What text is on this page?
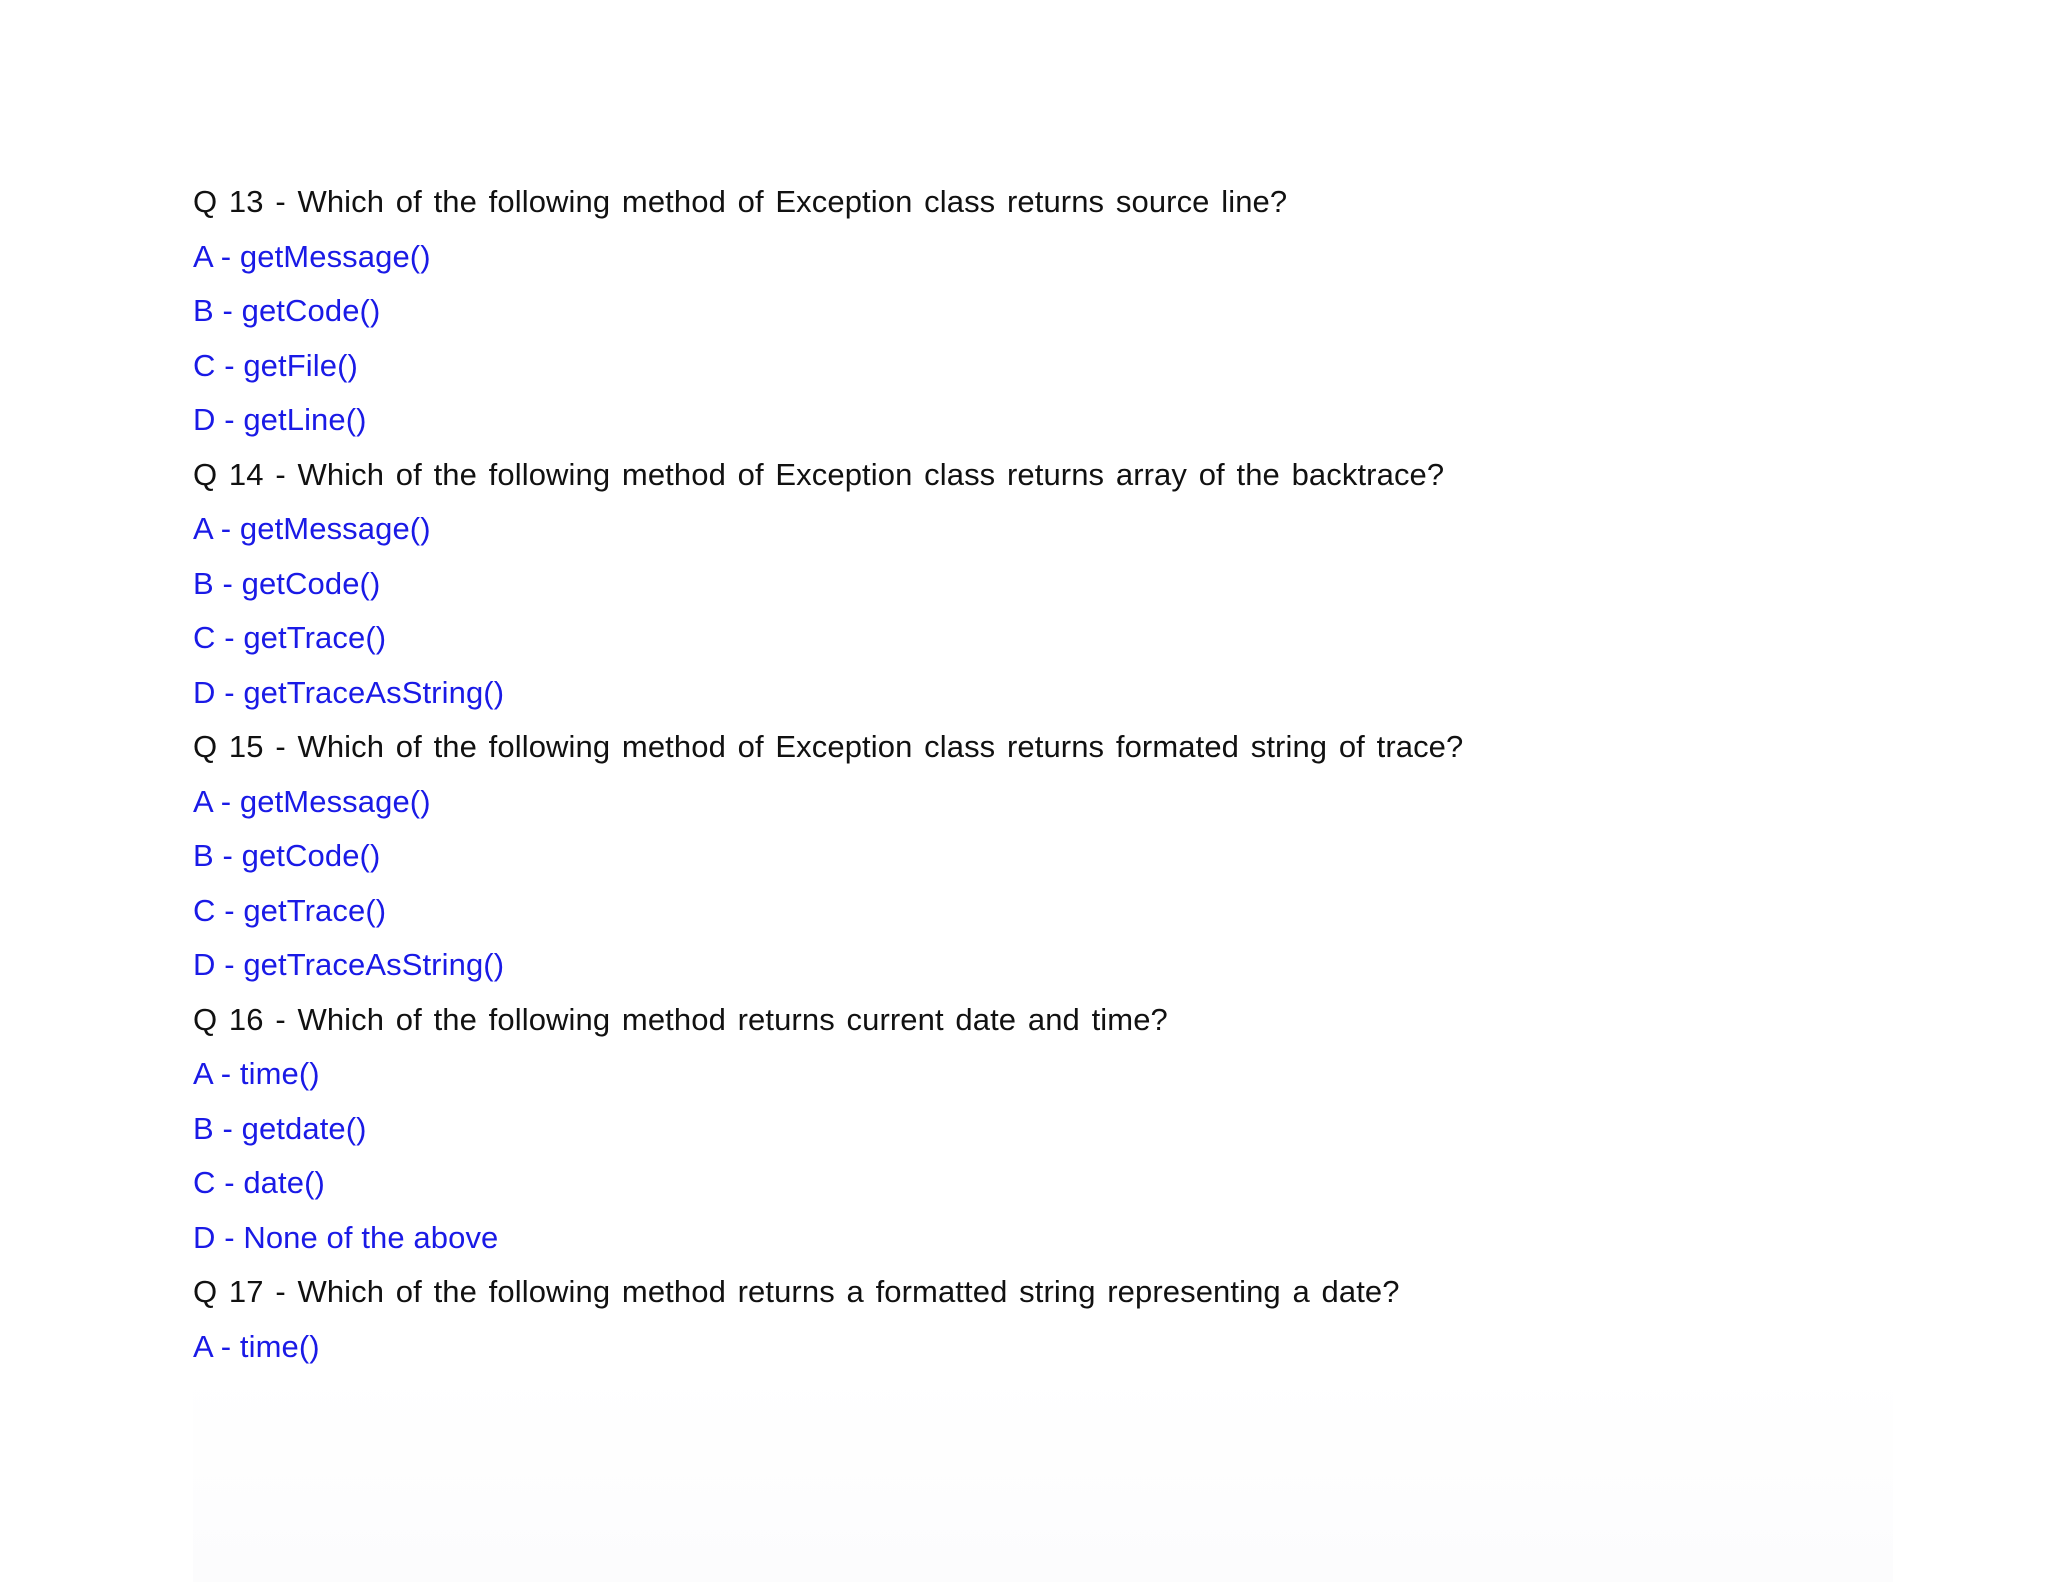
Q 13 - Which of the following method of Exception class returns source line?
A - getMessage()
B - getCode()
C - getFile()
D - getLine()
Q 14 - Which of the following method of Exception class returns array of the backtrace?
A - getMessage()
B - getCode()
C - getTrace()
D - getTraceAsString()
Q 15 - Which of the following method of Exception class returns formated string of trace?
A - getMessage()
B - getCode()
C - getTrace()
D - getTraceAsString()
Q 16 - Which of the following method returns current date and time?
A - time()
B - getdate()
C - date()
D - None of the above
Q 17 - Which of the following method returns a formatted string representing a date?
A - time()
